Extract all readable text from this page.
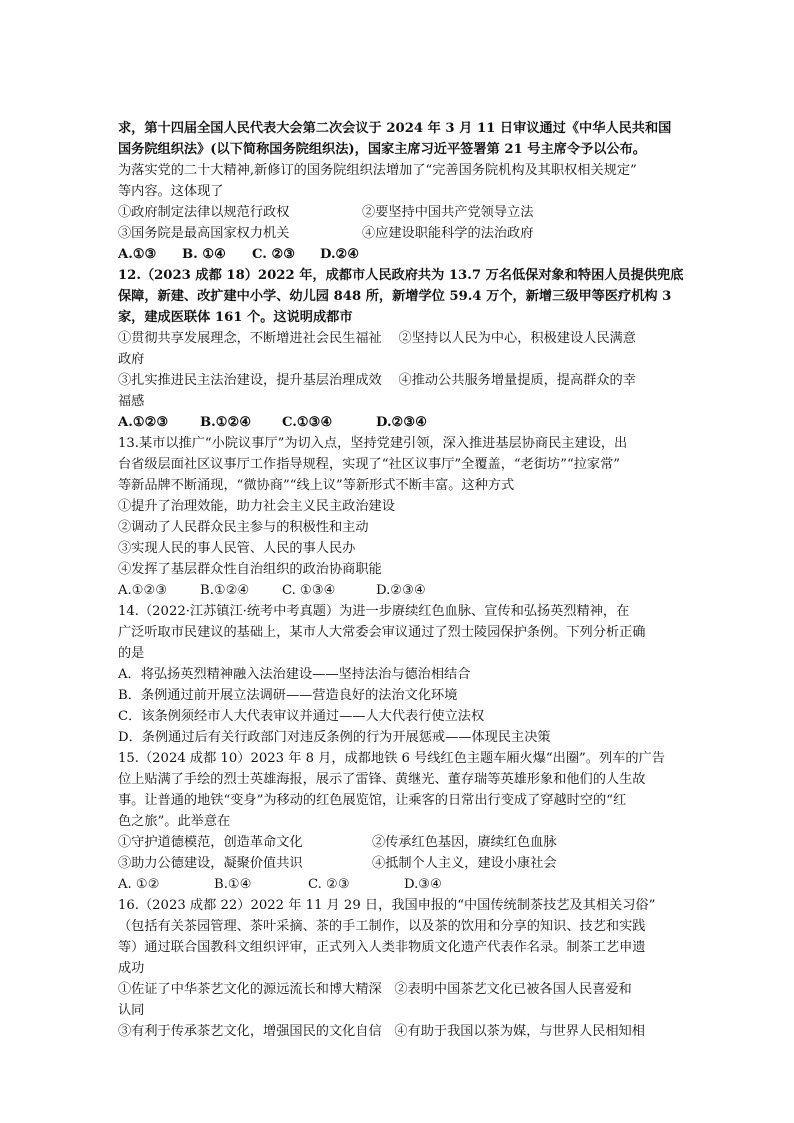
求，第十四届全国人民代表大会第二次会议于 2024 年 3 月 11 日审议通过《中华人民共和国
国务院组织法》(以下简称国务院组织法)，国家主席习近平签署第 21 号主席令予以公布。
为落实党的二十大精神,新修订的国务院组织法增加了“完善国务院机构及其职权相关规定”
等内容。这体现了
①政府制定法律以规范行政权	②要坚持中国共产党领导立法
③国务院是最高国家权力机关	④应建设职能科学的法治政府
A.①③	B. ①④	C. ②③	D.②④
12.（2023 成都 18）2022 年，成都市人民政府共为 13.7 万名低保对象和特困人员提供兜底
保障，新建、改扩建中小学、幼儿园 848 所，新增学位 59.4 万个，新增三级甲等医疗机构 3
家，建成医联体 161 个。这说明成都市
①贯彻共享发展理念，不断增进社会民生福祉    ②坚持以人民为中心，积极建设人民满意
政府
③扎实推进民主法治建设，提升基层治理成效    ④推动公共服务增量提质，提高群众的幸
福感
A.①②③	B.①②④	C.①③④	D.②③④
13.某市以推广“小院议事厅”为切入点，坚持党建引领，深入推进基层协商民主建设，出
台省级层面社区议事厅工作指导规程，实现了“社区议事厅”全覆盖，“老街坊”“拉家常”
等新品牌不断涌现，“微协商”“线上议”等新形式不断丰富。这种方式
①提升了治理效能，助力社会主义民主政治建设
②调动了人民群众民主参与的积极性和主动
③实现人民的事人民管、人民的事人民办
④发挥了基层群众性自治组织的政治协商职能
A.①②③	B.①②④	C. ①③④	D.②③④
14.（2022·江苏镇江·统考中考真题）为进一步赓续红色血脉、宣传和弘扬英烈精神，在
广泛听取市民建议的基础上，某市人大常委会审议通过了烈士陵园保护条例。下列分析正确
的是
A．将弘扬英烈精神融入法治建设——坚持法治与德治相结合
B．条例通过前开展立法调研——营造良好的法治文化环境
C．该条例须经市人大代表审议并通过——人大代表行使立法权
D．条例通过后有关行政部门对违反条例的行为开展惩戒——体现民主决策
15.（2024 成都 10）2023 年 8 月，成都地铁 6 号线红色主题车厢火爆“出圈”。列车的广告
位上贴满了手绘的烈士英雄海报，展示了雷锋、黄继光、董存瑞等英雄形象和他们的人生故
事。让普通的地铁“变身”为移动的红色展览馆，让乘客的日常出行变成了穿越时空的“红
色之旅”。此举意在
①守护道德模范，创造革命文化	②传承红色基因，赓续红色血脉
③助力公德建设，凝聚价值共识	④抵制个人主义，建设小康社会
A. ①②	B.①④	C. ②③	D.③④
16.（2023 成都 22）2022 年 11 月 29 日，我国申报的“中国传统制茶技艺及其相关习俗”
（包括有关茶园管理、茶叶采摘、茶的手工制作，以及茶的饮用和分享的知识、技艺和实践
等）通过联合国教科文组织评审，正式列入人类非物质文化遗产代表作名录。制茶工艺申遗
成功
①佐证了中华茶艺文化的源远流长和博大精深   ②表明中国茶艺文化已被各国人民喜爱和
认同
③有利于传承茶艺文化，增强国民的文化自信   ④有助于我国以茶为媒，与世界人民相知相
